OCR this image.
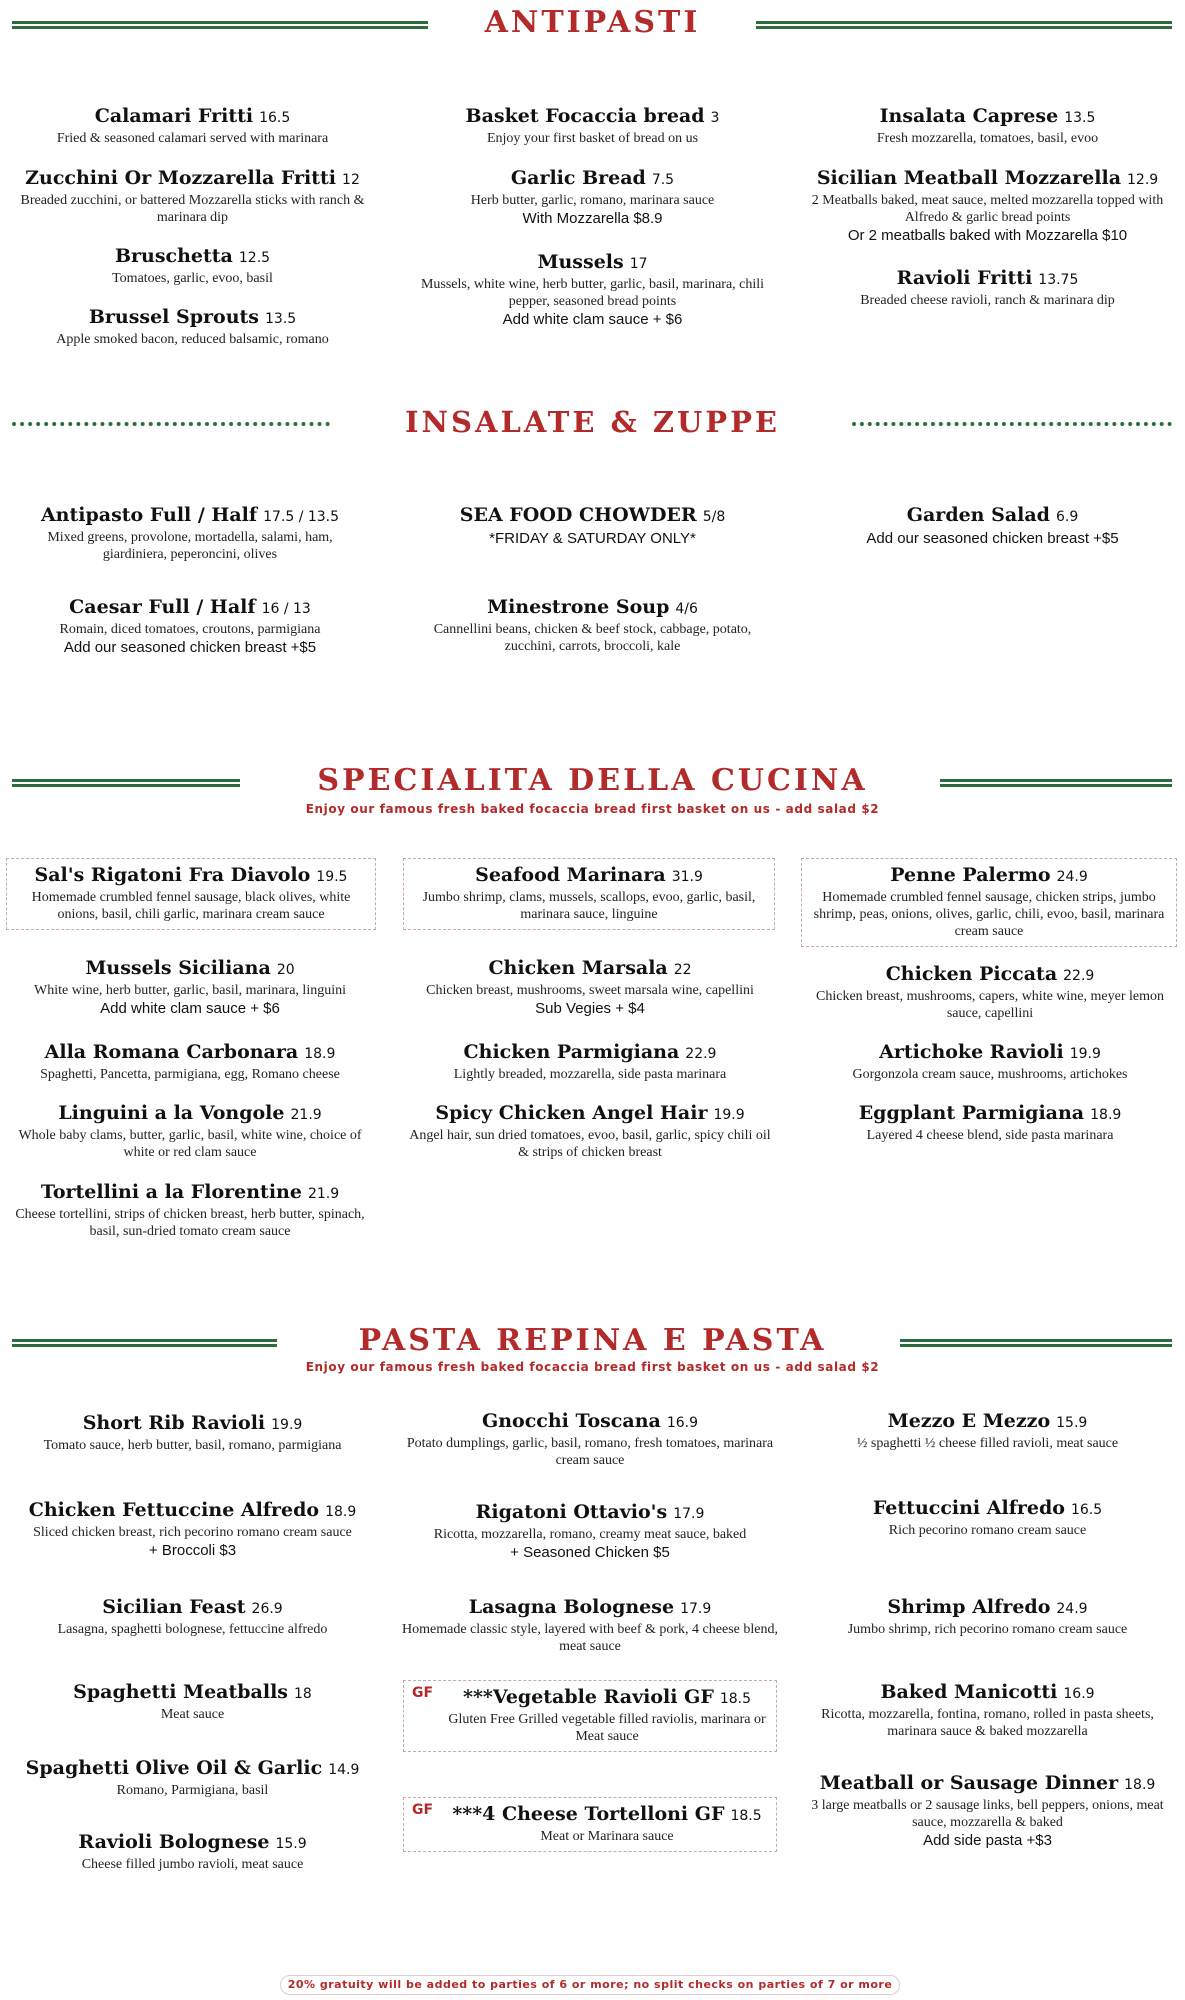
ANTIPASTI
Calamari Fritti 16.5
Fried & seasoned calamari served with marinara
Zucchini Or Mozzarella Fritti 12
Breaded zucchini, or battered Mozzarella sticks with ranch & marinara dip
Bruschetta 12.5
Tomatoes, garlic, evoo, basil
Brussel Sprouts 13.5
Apple smoked bacon, reduced balsamic, romano
Basket Focaccia bread 3
Enjoy your first basket of bread on us
Garlic Bread 7.5
Herb butter, garlic, romano, marinara sauce
With Mozzarella $8.9
Mussels 17
Mussels, white wine, herb butter, garlic, basil, marinara, chili pepper, seasoned bread points
Add white clam sauce + $6
Insalata Caprese 13.5
Fresh mozzarella, tomatoes, basil, evoo
Sicilian Meatball Mozzarella 12.9
2 Meatballs baked, meat sauce, melted mozzarella topped with Alfredo & garlic bread points
Or 2 meatballs baked with Mozzarella $10
Ravioli Fritti 13.75
Breaded cheese ravioli, ranch & marinara dip
INSALATE & ZUPPE
Antipasto Full / Half 17.5 / 13.5
Mixed greens, provolone, mortadella, salami, ham, giardiniera, peperoncini, olives
Caesar Full / Half 16 / 13
Romain, diced tomatoes, croutons, parmigiana
Add our seasoned chicken breast +$5
SEA FOOD CHOWDER 5/8
*FRIDAY & SATURDAY ONLY*
Minestrone Soup 4/6
Cannellini beans, chicken & beef stock, cabbage, potato, zucchini, carrots, broccoli, kale
Garden Salad 6.9
Add our seasoned chicken breast +$5
SPECIALITA DELLA CUCINA
Enjoy our famous fresh baked focaccia bread first basket on us - add salad $2
Sal's Rigatoni Fra Diavolo 19.5
Homemade crumbled fennel sausage, black olives, white onions, basil, chili garlic, marinara cream sauce
Mussels Siciliana 20
White wine, herb butter, garlic, basil, marinara, linguini
Add white clam sauce + $6
Alla Romana Carbonara 18.9
Spaghetti, Pancetta, parmigiana, egg, Romano cheese
Linguini a la Vongole 21.9
Whole baby clams, butter, garlic, basil, white wine, choice of white or red clam sauce
Tortellini a la Florentine 21.9
Cheese tortellini, strips of chicken breast, herb butter, spinach, basil, sun-dried tomato cream sauce
Seafood Marinara 31.9
Jumbo shrimp, clams, mussels, scallops, evoo, garlic, basil, marinara sauce, linguine
Chicken Marsala 22
Chicken breast, mushrooms, sweet marsala wine, capellini
Sub Vegies + $4
Chicken Parmigiana 22.9
Lightly breaded, mozzarella, side pasta marinara
Spicy Chicken Angel Hair 19.9
Angel hair, sun dried tomatoes, evoo, basil, garlic, spicy chili oil & strips of chicken breast
Penne Palermo 24.9
Homemade crumbled fennel sausage, chicken strips, jumbo shrimp, peas, onions, olives, garlic, chili, evoo, basil, marinara cream sauce
Chicken Piccata 22.9
Chicken breast, mushrooms, capers, white wine, meyer lemon sauce, capellini
Artichoke Ravioli 19.9
Gorgonzola cream sauce, mushrooms, artichokes
Eggplant Parmigiana 18.9
Layered 4 cheese blend, side pasta marinara
PASTA REPINA E PASTA
Enjoy our famous fresh baked focaccia bread first basket on us - add salad $2
Short Rib Ravioli 19.9
Tomato sauce, herb butter, basil, romano, parmigiana
Chicken Fettuccine Alfredo 18.9
Sliced chicken breast, rich pecorino romano cream sauce
+ Broccoli $3
Sicilian Feast 26.9
Lasagna, spaghetti bolognese, fettuccine alfredo
Spaghetti Meatballs 18
Meat sauce
Spaghetti Olive Oil & Garlic 14.9
Romano, Parmigiana, basil
Ravioli Bolognese 15.9
Cheese filled jumbo ravioli, meat sauce
Gnocchi Toscana 16.9
Potato dumplings, garlic, basil, romano, fresh tomatoes, marinara cream sauce
Rigatoni Ottavio's 17.9
Ricotta, mozzarella, romano, creamy meat sauce, baked
+ Seasoned Chicken $5
Lasagna Bolognese 17.9
Homemade classic style, layered with beef & pork, 4 cheese blend, meat sauce
GF	***Vegetable Ravioli GF 18.5
Gluten Free Grilled vegetable filled raviolis, marinara or Meat sauce
GF	***4 Cheese Tortelloni GF 18.5
Meat or Marinara sauce
Mezzo E Mezzo 15.9
½ spaghetti ½ cheese filled ravioli, meat sauce
Fettuccini Alfredo 16.5
Rich pecorino romano cream sauce
Shrimp Alfredo 24.9
Jumbo shrimp, rich pecorino romano cream sauce
Baked Manicotti 16.9
Ricotta, mozzarella, fontina, romano, rolled in pasta sheets, marinara sauce & baked mozzarella
Meatball or Sausage Dinner 18.9
3 large meatballs or 2 sausage links, bell peppers, onions, meat sauce, mozzarella & baked
Add side pasta +$3
20% gratuity will be added to parties of 6 or more; no split checks on parties of 7 or more
